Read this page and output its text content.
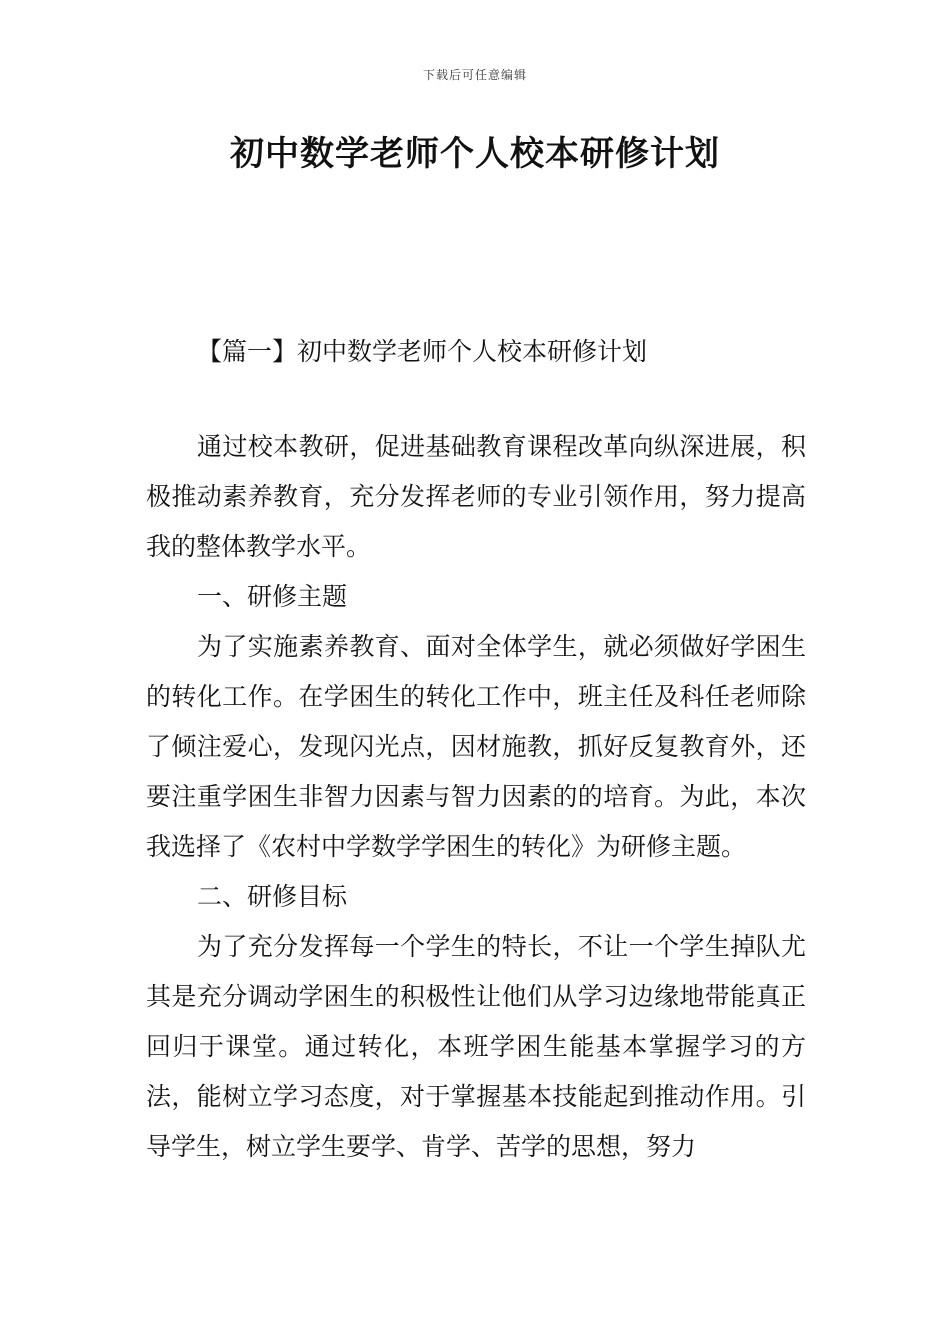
下载后可任意编辑
初中数学老师个人校本研修计划
【篇一】初中数学老师个人校本研修计划

通过校本教研，促进基础教育课程改革向纵深进展，积极推动素养教育，充分发挥老师的专业引领作用，努力提高我的整体教学水平。

一、研修主题

为了实施素养教育、面对全体学生，就必须做好学困生的转化工作。在学困生的转化工作中，班主任及科任老师除了倾注爱心，发现闪光点，因材施教，抓好反复教育外，还要注重学困生非智力因素与智力因素的的培育。为此，本次我选择了《农村中学数学学困生的转化》为研修主题。

二、研修目标

为了充分发挥每一个学生的特长，不让一个学生掉队尤其是充分调动学困生的积极性让他们从学习边缘地带能真正回归于课堂。通过转化，本班学困生能基本掌握学习的方法，能树立学习态度，对于掌握基本技能起到推动作用。引导学生，树立学生要学、肯学、苦学的思想，努力
